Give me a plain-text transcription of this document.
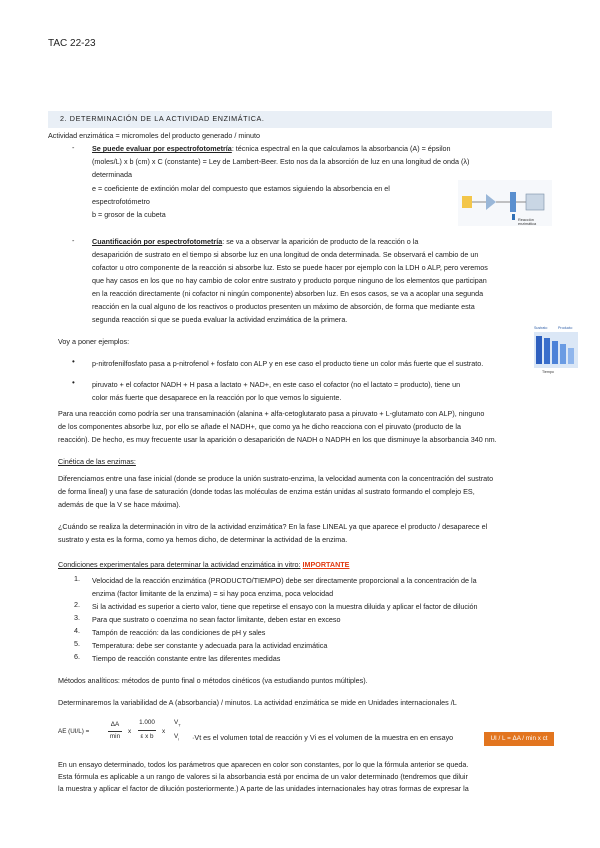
TAC 22-23
2. DETERMINACIÓN DE LA ACTIVIDAD ENZIMÁTICA.
Actividad enzimática = micromoles del producto generado / minuto
- Se puede evaluar por espectrofotometría: técnica espectral en la que calculamos la absorbancia (A) = épsilon
(moles/L) x b (cm) x C (constante) = Ley de Lambert-Beer. Esto nos da la absorción de luz en una longitud de onda (λ)
determinada
e = coeficiente de extinción molar del compuesto que estamos siguiendo la absorbencia en el
espectrofotómetro
b = grosor de la cubeta
Reacción enzimática
- Cuantificación por espectrofotometría: se va a observar la aparición de producto de la reacción o la
desaparición de sustrato en el tiempo si absorbe luz en una longitud de onda determinada. Se observará el cambio de un
cofactor u otro componente de la reacción si absorbe luz. Esto se puede hacer por ejemplo con la LDH o ALP, pero veremos
que hay casos en los que no hay cambio de color entre sustrato y producto porque ninguno de los elementos que participan
en la reacción directamente (ni cofactor ni ningún componente) absorben luz. En esos casos, se va a acoplar una segunda
reacción en la cual alguno de los reactivos o productos presenten un máximo de absorción, de forma que mediante esta
segunda reacción si que se pueda evaluar la actividad enzimática de la primera.
Voy a poner ejemplos:
Sustrato	Producto
Tiempo
• p-nitrofenilfosfato pasa a p-nitrofenol + fosfato con ALP y en ese caso el producto tiene un color más fuerte que el sustrato.
• piruvato + el cofactor NADH + H pasa a lactato + NAD+, en este caso el cofactor (no el lactato = producto), tiene un
color más fuerte que desaparece en la reacción por lo que vemos lo siguiente.
Para una reacción como podría ser una transaminación (alanina + alfa-cetoglutarato pasa a piruvato + L-glutamato con ALP), ninguno
de los componentes absorbe luz, por ello se añade el NADH+, que como ya he dicho reacciona con el piruvato (producto de la
reacción). De hecho, es muy frecuente usar la aparición o desaparición de NADH o NADPH en los que disminuye la absorbancia 340 nm.
Cinética de las enzimas:
Diferenciamos entre una fase inicial (donde se produce la unión sustrato-enzima, la velocidad aumenta con la concentración del sustrato
de forma lineal) y una fase de saturación (donde todas las moléculas de enzima están unidas al sustrato formando el complejo ES,
además de que la V se hace máxima).
¿Cuándo se realiza la determinación in vitro de la actividad enzimática? En la fase LINEAL ya que aparece el producto / desaparece el
sustrato y esta es la forma, como ya hemos dicho, de determinar la actividad de la enzima.
Condiciones experimentales para determinar la actividad enzimática in vitro: IMPORTANTE
1. Velocidad de la reacción enzimática (PRODUCTO/TIEMPO) debe ser directamente proporcional a la concentración de la
enzima (factor limitante de la enzima) = si hay poca enzima, poca velocidad
2. Si la actividad es superior a cierto valor, tiene que repetirse el ensayo con la muestra diluida y aplicar el factor de dilución
3. Para que sustrato o coenzima no sean factor limitante, deben estar en exceso
4. Tampón de reacción: da las condiciones de pH y sales
5. Temperatura: debe ser constante y adecuada para la actividad enzimática
6. Tiempo de reacción constante entre las diferentes medidas
Métodos analíticos: métodos de punto final o métodos cinéticos (va estudiando puntos múltiples).
Determinaremos la variabilidad de A (absorbancia) / minutos. La actividad enzimática se mide en Unidades internacionales /L
AE (UI/L) =
ΔA
min
x
1.000
ε x b
x
$V_T$
$V_i \cdot Vt$ es el volumen total de reacción y Vi es el volumen de la muestra en en ensayo	UI / L = ΔA / min x ct
En un ensayo determinado, todos los parámetros que aparecen en color son constantes, por lo que la fórmula anterior se queda.
Esta fórmula es aplicable a un rango de valores si la absorbancia está por encima de un valor determinado (tendremos que diluir
la muestra y aplicar el factor de dilución posteriormente.) A parte de las unidades internacionales hay otras formas de expresar la
